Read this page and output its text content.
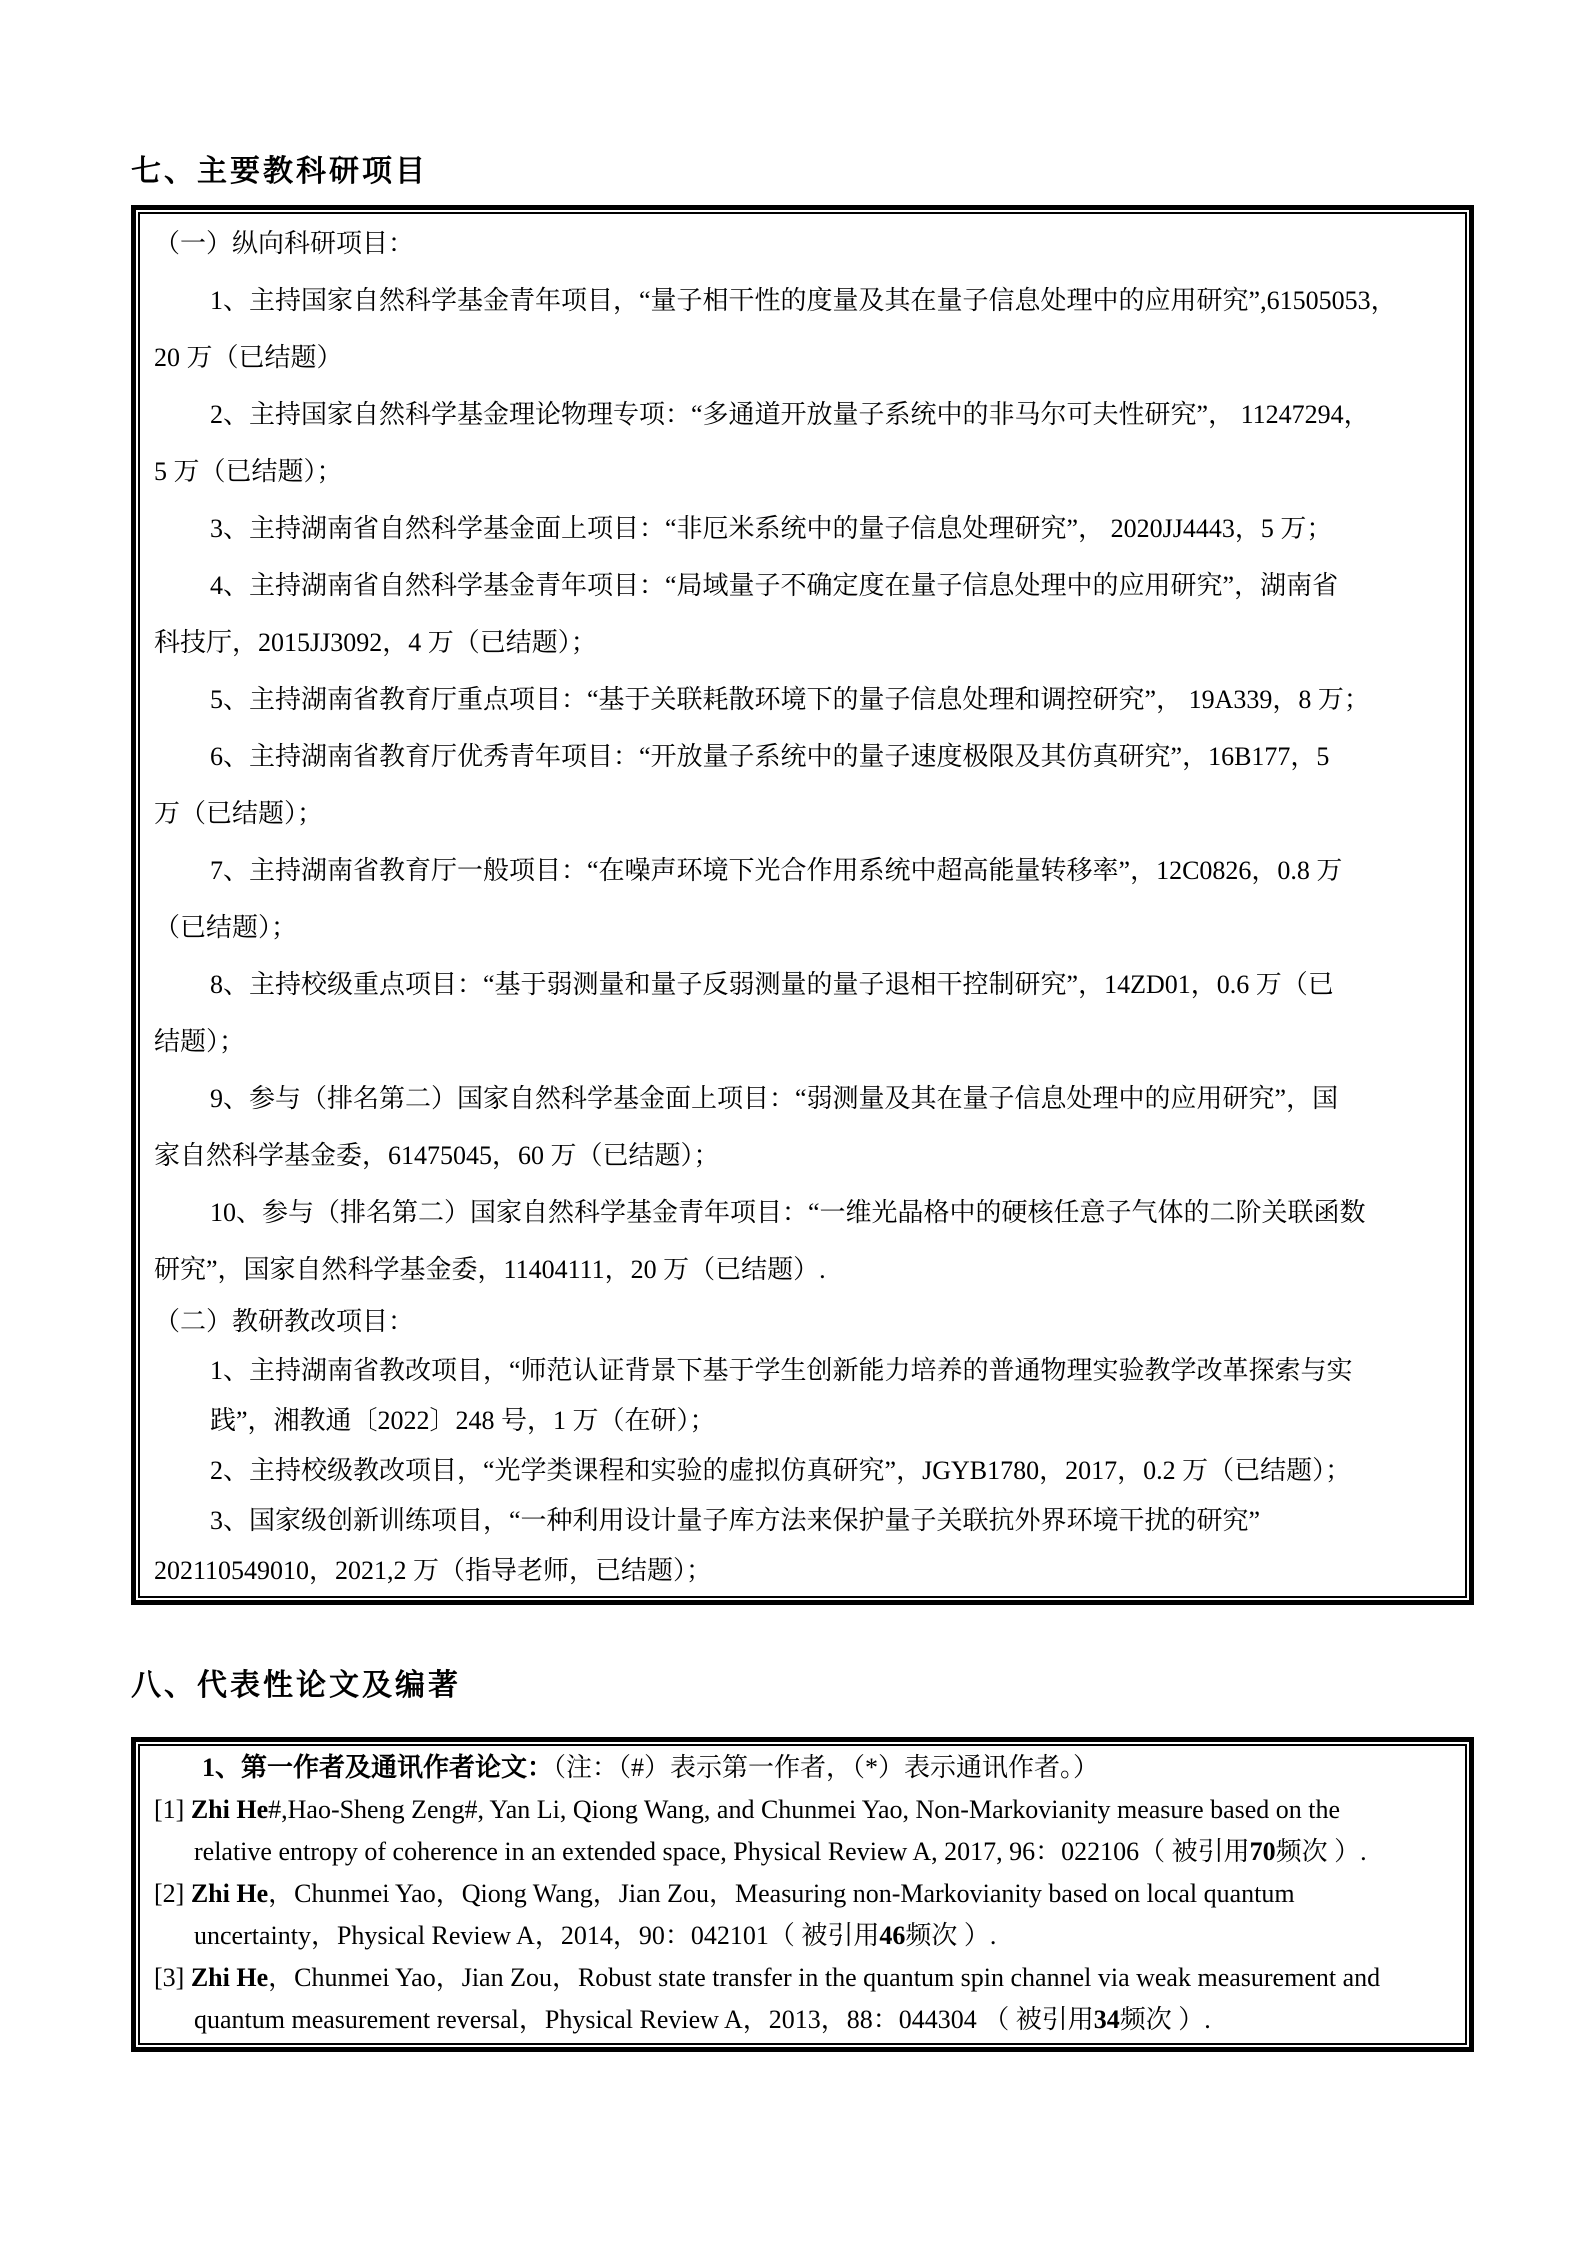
七、主要教科研项目

（一）纵向科研项目：

1、主持国家自然科学基金青年项目，“量子相干性的度量及其在量子信息处理中的应用研究”,61505053，

20 万（已结题）

2、主持国家自然科学基金理论物理专项：“多通道开放量子系统中的非马尔可夫性研究”， 11247294，

5 万（已结题）；

3、主持湖南省自然科学基金面上项目：“非厄米系统中的量子信息处理研究”， 2020JJ4443，5 万；

4、主持湖南省自然科学基金青年项目：“局域量子不确定度在量子信息处理中的应用研究”，湖南省

科技厅，2015JJ3092，4 万（已结题）；

5、主持湖南省教育厅重点项目：“基于关联耗散环境下的量子信息处理和调控研究”， 19A339，8 万；

6、主持湖南省教育厅优秀青年项目：“开放量子系统中的量子速度极限及其仿真研究”，16B177，5

万（已结题）；

7、主持湖南省教育厅一般项目：“在噪声环境下光合作用系统中超高能量转移率”，12C0826，0.8 万

（已结题）；

8、主持校级重点项目：“基于弱测量和量子反弱测量的量子退相干控制研究”，14ZD01，0.6 万（已

结题）；

9、参与（排名第二）国家自然科学基金面上项目：“弱测量及其在量子信息处理中的应用研究”，国

家自然科学基金委，61475045，60 万（已结题）；

10、参与（排名第二）国家自然科学基金青年项目：“一维光晶格中的硬核任意子气体的二阶关联函数

研究”，国家自然科学基金委，11404111，20 万（已结题）.

（二）教研教改项目：

1、主持湖南省教改项目，“师范认证背景下基于学生创新能力培养的普通物理实验教学改革探索与实

践”，湘教通〔2022〕248 号，1 万（在研）；

2、主持校级教改项目，“光学类课程和实验的虚拟仿真研究”，JGYB1780，2017，0.2 万（已结题）；

3、国家级创新训练项目，“一种利用设计量子库方法来保护量子关联抗外界环境干扰的研究”

202110549010，2021,2 万（指导老师，已结题）；

八、代表性论文及编著

1、第一作者及通讯作者论文：（注：（#）表示第一作者，（*）表示通讯作者。）

[1] Zhi He#,Hao-Sheng Zeng#, Yan Li, Qiong Wang, and Chunmei Yao, Non-Markovianity measure based on the

relative entropy of coherence in an extended space, Physical Review A, 2017, 96：022106（ 被引用70频次 ）.

[2] Zhi He，Chunmei Yao，Qiong Wang，Jian Zou，Measuring non-Markovianity based on local quantum

uncertainty，Physical Review A，2014，90：042101（ 被引用46频次 ）.

[3] Zhi He，Chunmei Yao，Jian Zou，Robust state transfer in the quantum spin channel via weak measurement and

quantum measurement reversal，Physical Review A，2013，88：044304 （ 被引用34频次 ）.
